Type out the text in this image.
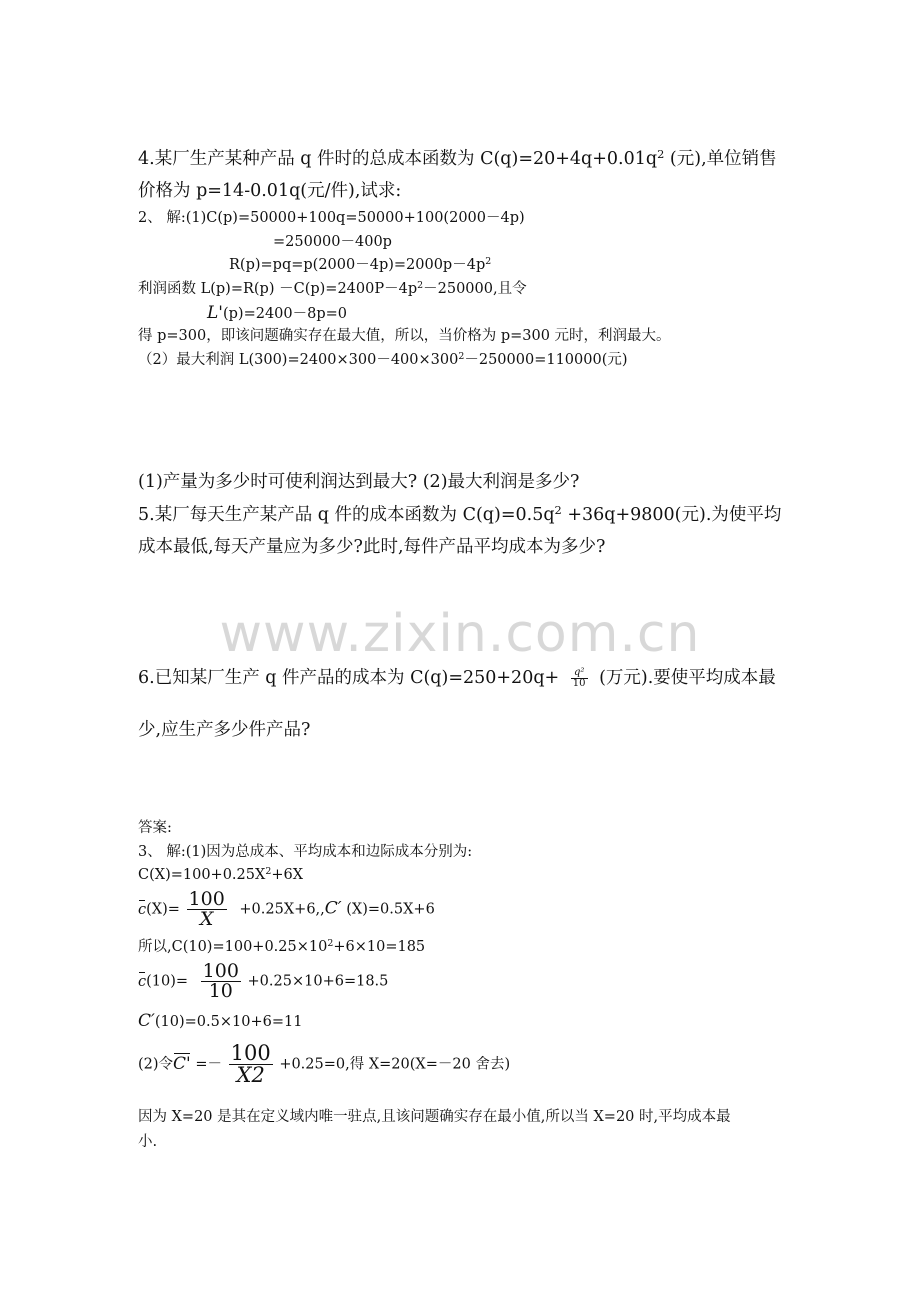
4.某厂生产某种产品 q 件时的总成本函数为 $C(q)=20+4q+0.01q^2$ (元),单位销售
价格为 p=14-0.01q(元/件),试求:
2、 解:(1)C(p)=50000+100q=50000+100(2000－4p)
=250000－400p
$R(p)=pq=p(2000-4p)=2000p-4p^2$
利润函数 $L(p)=R(p) -C(p)=2400P-4p^2-250000$,且令
L'(p)=2400－8p=0
得 p=300，即该问题确实存在最大值，所以，当价格为 p=300 元时，利润最大。
（2）最大利润 $L(300)=2400\times 300-400\times 300^2-250000=110000$(元)
(1)产量为多少时可使利润达到最大? (2)最大利润是多少?
5.某厂每天生产某产品 q 件的成本函数为 $C(q)=0.5q^2 +36q+9800$(元).为使平均
成本最低,每天产量应为多少?此时,每件产品平均成本为多少?
www.zixin.com.cn
6.已知某厂生产 q 件产品的成本为 $C(q)=250+20q+ \frac{\text{q²}}{10}$ (万元).要使平均成本最
少,应生产多少件产品?
答案:
3、 解:(1)因为总成本、平均成本和边际成本分别为:
$C(X)=100+0.25X^2+6X$
$c(X)= \frac{100}{X} +0.25X+6,,C'$ (X)=0.5X+6
所以$,C(10)=100+0.25\times 10^2+6\times 10=185$
$c(10)= \frac{100}{10} +0.25\times 10+6=18.5$
C′(10)=0.5×10+6=11
(2)令$C' =- \frac{100}{X2} +0.25=0$,得 X=20(X=－20 舍去)
因为 X=20 是其在定义域内唯一驻点,且该问题确实存在最小值,所以当 X=20 时,平均成本最
小.
